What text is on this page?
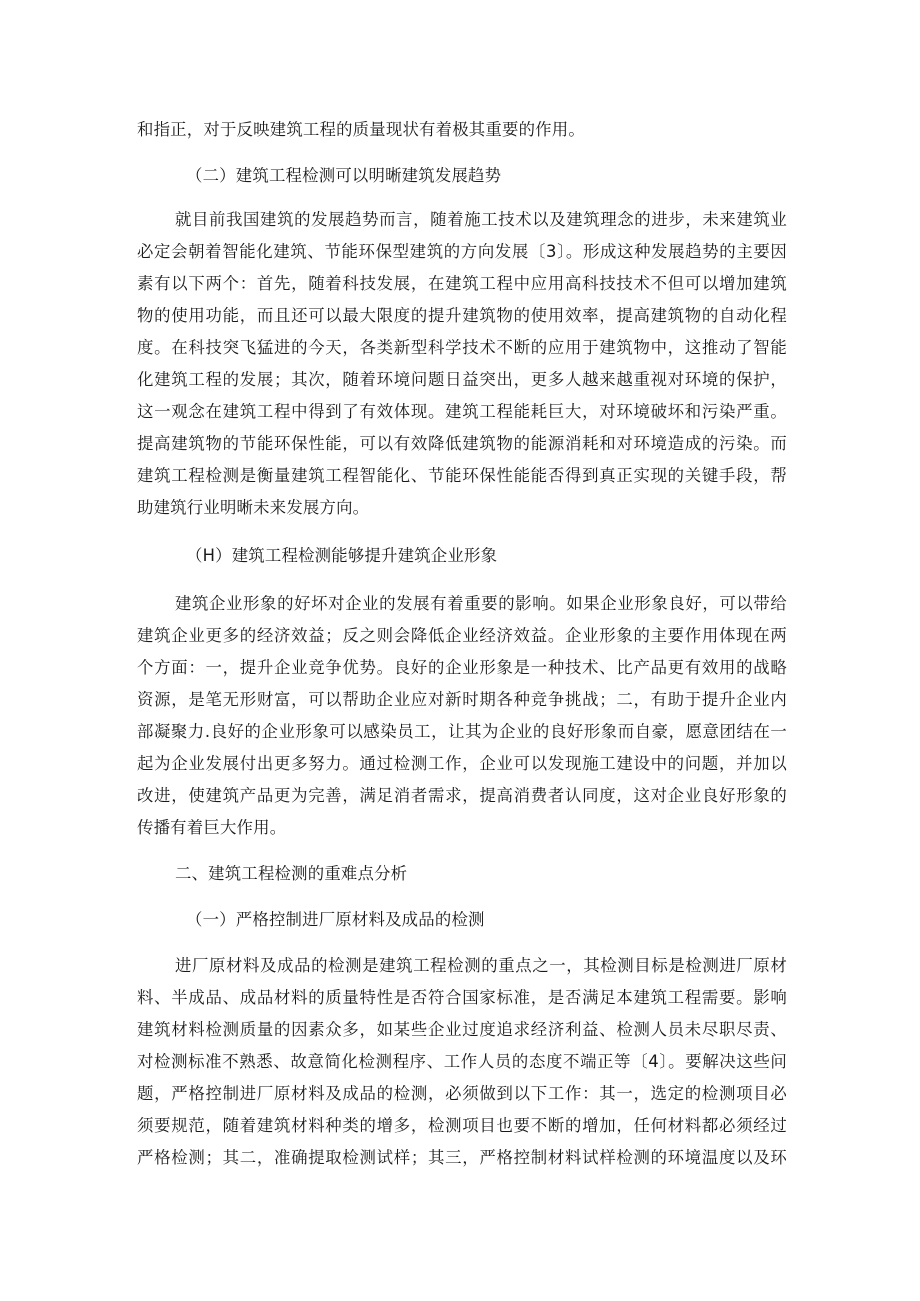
和指正，对于反映建筑工程的质量现状有着极其重要的作用。
（二）建筑工程检测可以明晰建筑发展趋势
就目前我国建筑的发展趋势而言，随着施工技术以及建筑理念的进步，未来建筑业
必定会朝着智能化建筑、节能环保型建筑的方向发展〔3〕。形成这种发展趋势的主要因
素有以下两个：首先，随着科技发展，在建筑工程中应用高科技技术不但可以增加建筑
物的使用功能，而且还可以最大限度的提升建筑物的使用效率，提高建筑物的自动化程
度。在科技突飞猛进的今天，各类新型科学技术不断的应用于建筑物中，这推动了智能
化建筑工程的发展；其次，随着环境问题日益突出，更多人越来越重视对环境的保护，
这一观念在建筑工程中得到了有效体现。建筑工程能耗巨大，对环境破坏和污染严重。
提高建筑物的节能环保性能，可以有效降低建筑物的能源消耗和对环境造成的污染。而
建筑工程检测是衡量建筑工程智能化、节能环保性能能否得到真正实现的关键手段，帮
助建筑行业明晰未来发展方向。
（H）建筑工程检测能够提升建筑企业形象
建筑企业形象的好坏对企业的发展有着重要的影响。如果企业形象良好，可以带给
建筑企业更多的经济效益；反之则会降低企业经济效益。企业形象的主要作用体现在两
个方面：一，提升企业竞争优势。良好的企业形象是一种技术、比产品更有效用的战略
资源，是笔无形财富，可以帮助企业应对新时期各种竞争挑战；二，有助于提升企业内
部凝聚力.良好的企业形象可以感染员工，让其为企业的良好形象而自豪，愿意团结在一
起为企业发展付出更多努力。通过检测工作，企业可以发现施工建设中的问题，并加以
改进，使建筑产品更为完善，满足消者需求，提高消费者认同度，这对企业良好形象的
传播有着巨大作用。
二、建筑工程检测的重难点分析
（一）严格控制进厂原材料及成品的检测
进厂原材料及成品的检测是建筑工程检测的重点之一，其检测目标是检测进厂原材
料、半成品、成品材料的质量特性是否符合国家标准，是否满足本建筑工程需要。影响
建筑材料检测质量的因素众多，如某些企业过度追求经济利益、检测人员未尽职尽责、
对检测标准不熟悉、故意简化检测程序、工作人员的态度不端正等〔4〕。要解决这些问
题，严格控制进厂原材料及成品的检测，必须做到以下工作：其一，选定的检测项目必
须要规范，随着建筑材料种类的增多，检测项目也要不断的增加，任何材料都必须经过
严格检测；其二，准确提取检测试样；其三，严格控制材料试样检测的环境温度以及环
